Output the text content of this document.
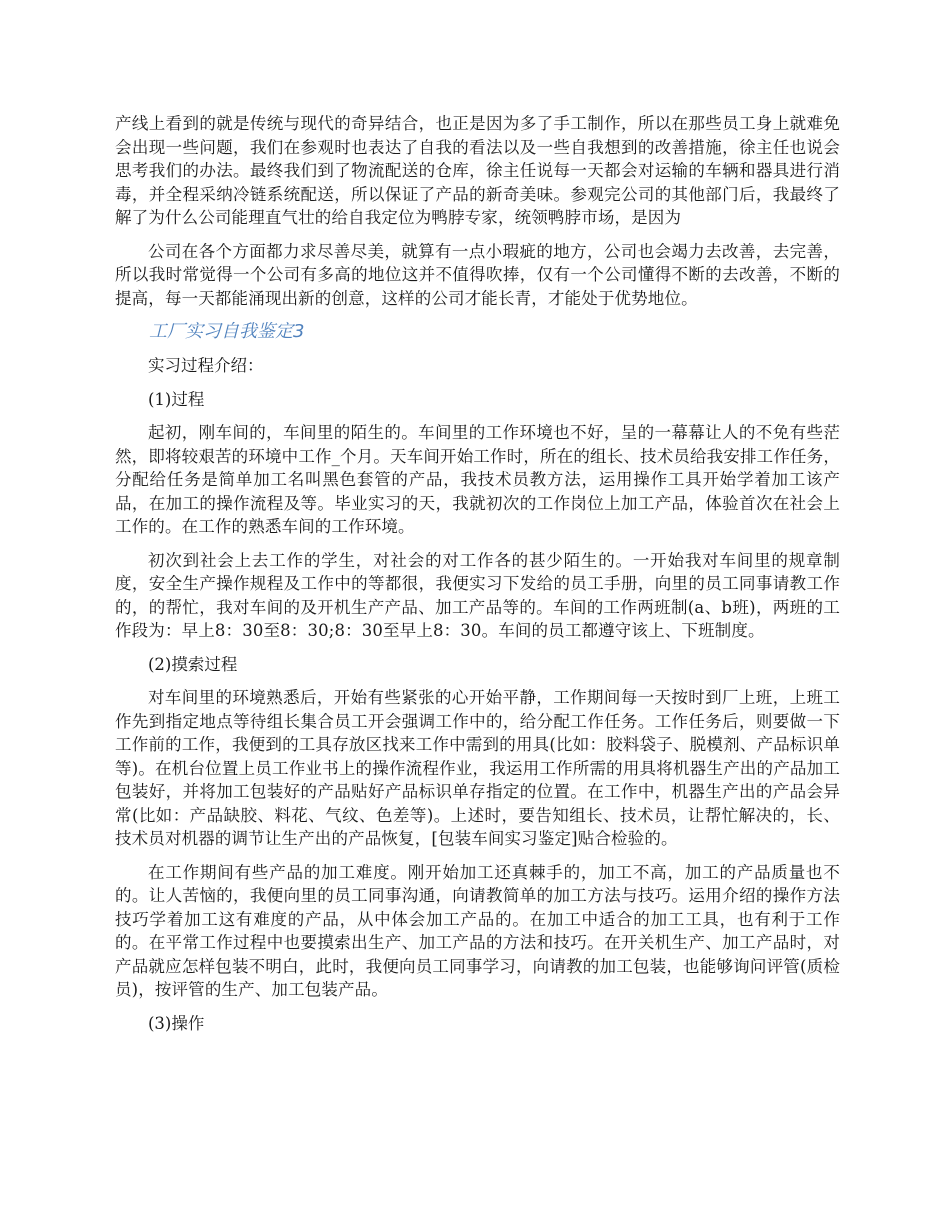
产线上看到的就是传统与现代的奇异结合，也正是因为多了手工制作，所以在那些员工身上就难免会出现一些问题，我们在参观时也表达了自我的看法以及一些自我想到的改善措施，徐主任也说会思考我们的办法。最终我们到了物流配送的仓库，徐主任说每一天都会对运输的车辆和器具进行消毒，并全程采纳冷链系统配送，所以保证了产品的新奇美味。参观完公司的其他部门后，我最终了解了为什么公司能理直气壮的给自我定位为鸭脖专家，统领鸭脖市场，是因为

公司在各个方面都力求尽善尽美，就算有一点小瑕疵的地方，公司也会竭力去改善，去完善，所以我时常觉得一个公司有多高的地位这并不值得吹捧，仅有一个公司懂得不断的去改善，不断的提高，每一天都能涌现出新的创意，这样的公司才能长青，才能处于优势地位。

工厂实习自我鉴定3

实习过程介绍：

(1)过程

起初，刚车间的，车间里的陌生的。车间里的工作环境也不好，呈的一幕幕让人的不免有些茫然，即将较艰苦的环境中工作_个月。天车间开始工作时，所在的组长、技术员给我安排工作任务，分配给任务是简单加工名叫黑色套管的产品，我技术员教方法，运用操作工具开始学着加工该产品，在加工的操作流程及等。毕业实习的天，我就初次的工作岗位上加工产品，体验首次在社会上工作的。在工作的熟悉车间的工作环境。

初次到社会上去工作的学生，对社会的对工作各的甚少陌生的。一开始我对车间里的规章制度，安全生产操作规程及工作中的等都很，我便实习下发给的员工手册，向里的员工同事请教工作的，的帮忙，我对车间的及开机生产产品、加工产品等的。车间的工作两班制(a、b班)，两班的工作段为：早上8：30至8：30;8：30至早上8：30。车间的员工都遵守该上、下班制度。

(2)摸索过程

对车间里的环境熟悉后，开始有些紧张的心开始平静，工作期间每一天按时到厂上班，上班工作先到指定地点等待组长集合员工开会强调工作中的，给分配工作任务。工作任务后，则要做一下工作前的工作，我便到的工具存放区找来工作中需到的用具(比如：胶料袋子、脱模剂、产品标识单等)。在机台位置上员工作业书上的操作流程作业，我运用工作所需的用具将机器生产出的产品加工包装好，并将加工包装好的产品贴好产品标识单存指定的位置。在工作中，机器生产出的产品会异常(比如：产品缺胶、料花、气纹、色差等)。上述时，要告知组长、技术员，让帮忙解决的，长、技术员对机器的调节让生产出的产品恢复，[包装车间实习鉴定]贴合检验的。

在工作期间有些产品的加工难度。刚开始加工还真棘手的，加工不高，加工的产品质量也不的。让人苦恼的，我便向里的员工同事沟通，向请教简单的加工方法与技巧。运用介绍的操作方法技巧学着加工这有难度的产品，从中体会加工产品的。在加工中适合的加工工具，也有利于工作的。在平常工作过程中也要摸索出生产、加工产品的方法和技巧。在开关机生产、加工产品时，对产品就应怎样包装不明白，此时，我便向员工同事学习，向请教的加工包装，也能够询问评管(质检员)，按评管的生产、加工包装产品。

(3)操作
